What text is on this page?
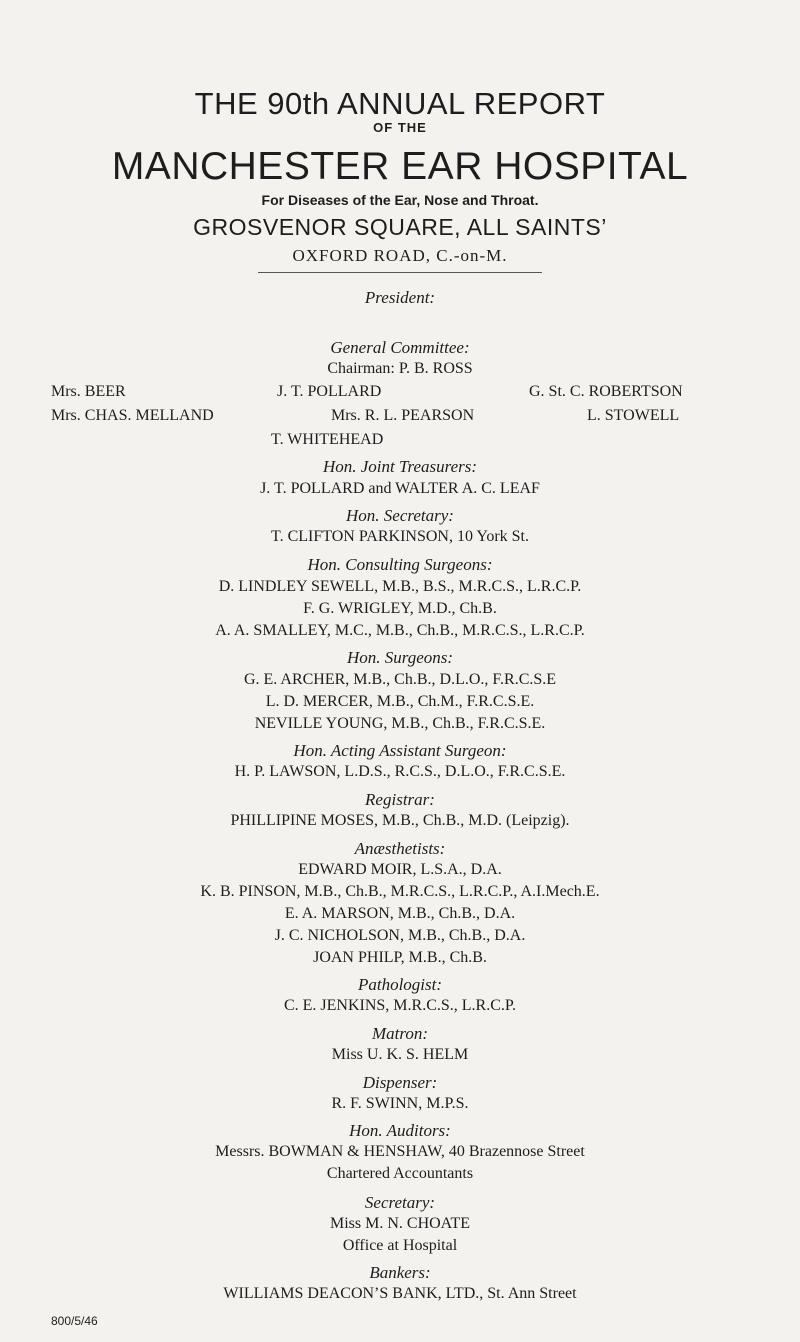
THE 90th ANNUAL REPORT
OF THE
MANCHESTER EAR HOSPITAL
For Diseases of the Ear, Nose and Throat.
GROSVENOR SQUARE, ALL SAINTS’
OXFORD ROAD, C.-on-M.
President:
General Committee:
Chairman: P. B. ROSS
Mrs. BEER	J. T. POLLARD	G. St. C. ROBERTSON
Mrs. CHAS. MELLAND	Mrs. R. L. PEARSON	L. STOWELL
T. WHITEHEAD
Hon. Joint Treasurers:
J. T. POLLARD and WALTER A. C. LEAF
Hon. Secretary:
T. CLIFTON PARKINSON, 10 York St.
Hon. Consulting Surgeons:
D. LINDLEY SEWELL, M.B., B.S., M.R.C.S., L.R.C.P.
F. G. WRIGLEY, M.D., Ch.B.
A. A. SMALLEY, M.C., M.B., Ch.B., M.R.C.S., L.R.C.P.
Hon. Surgeons:
G. E. ARCHER, M.B., Ch.B., D.L.O., F.R.C.S.E
L. D. MERCER, M.B., Ch.M., F.R.C.S.E.
NEVILLE YOUNG, M.B., Ch.B., F.R.C.S.E.
Hon. Acting Assistant Surgeon:
H. P. LAWSON, L.D.S., R.C.S., D.L.O., F.R.C.S.E.
Registrar:
PHILLIPINE MOSES, M.B., Ch.B., M.D. (Leipzig).
Anæsthetists:
EDWARD MOIR, L.S.A., D.A.
K. B. PINSON, M.B., Ch.B., M.R.C.S., L.R.C.P., A.I.Mech.E.
E. A. MARSON, M.B., Ch.B., D.A.
J. C. NICHOLSON, M.B., Ch.B., D.A.
JOAN PHILP, M.B., Ch.B.
Pathologist:
C. E. JENKINS, M.R.C.S., L.R.C.P.
Matron:
Miss U. K. S. HELM
Dispenser:
R. F. SWINN, M.P.S.
Hon. Auditors:
Messrs. BOWMAN & HENSHAW, 40 Brazennose Street
Chartered Accountants
Secretary:
Miss M. N. CHOATE
Office at Hospital
Bankers:
WILLIAMS DEACON’S BANK, LTD., St. Ann Street
800/5/46
